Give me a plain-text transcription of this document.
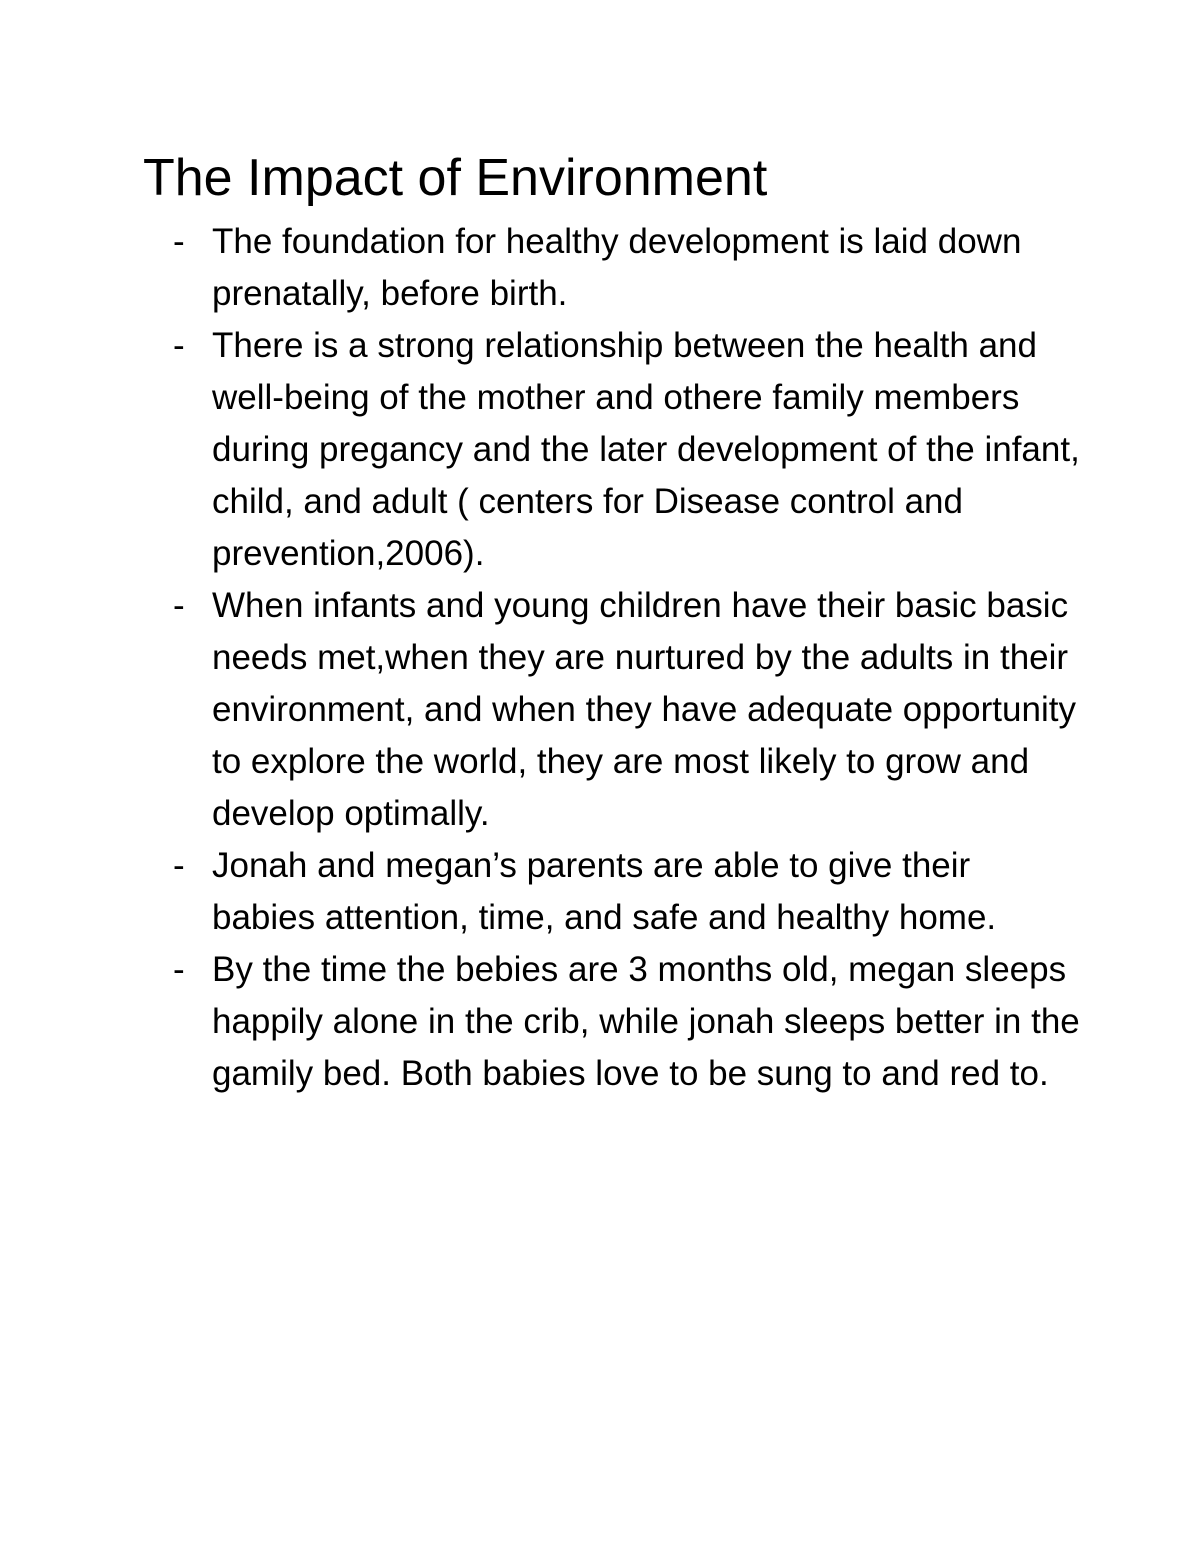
The Impact of Environment
- The foundation for healthy development is laid down prenatally, before birth.
- There is a strong relationship between the health and well-being of the mother and othere family members during pregancy and the later development of the infant, child, and adult ( centers for Disease control and prevention,2006).
- When infants and young children have their basic basic needs met,when they are nurtured by the adults in their environment, and when they have adequate opportunity to explore the world, they are most likely to grow and develop optimally.
- Jonah and megan’s parents are able to give their babies attention, time, and safe and healthy home.
- By the time the bebies are 3 months old, megan sleeps happily alone in the crib, while jonah sleeps better in the gamily bed. Both babies love to be sung to and red to.
